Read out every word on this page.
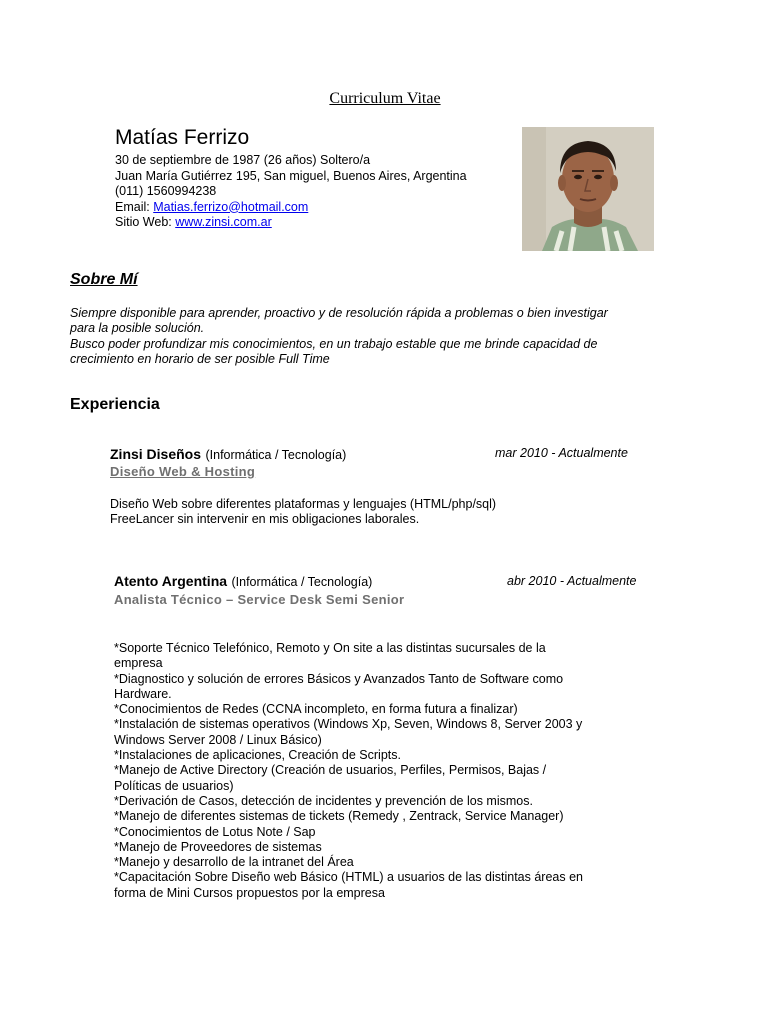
Curriculum Vitae
Matías Ferrizo
30 de septiembre de 1987 (26 años) Soltero/a
Juan María Gutiérrez 195, San miguel, Buenos Aires, Argentina
(011) 1560994238
Email: Matias.ferrizo@hotmail.com
Sitio Web: www.zinsi.com.ar
Sobre Mí
Siempre disponible para aprender, proactivo y de resolución rápida a problemas o bien investigar
para la posible solución.
Busco poder profundizar mis conocimientos, en un trabajo estable que me brinde capacidad de
crecimiento en horario de ser posible Full Time
Experiencia
Zinsi Diseños (Informática / Tecnología)	mar 2010 - Actualmente
Diseño Web & Hosting
Diseño Web sobre diferentes plataformas y lenguajes (HTML/php/sql)
FreeLancer sin intervenir en mis obligaciones laborales.
Atento Argentina (Informática / Tecnología)	abr 2010 - Actualmente
Analista Técnico – Service Desk Semi Senior
*Soporte Técnico Telefónico, Remoto y On site a las distintas sucursales de la
empresa
*Diagnostico y solución de errores Básicos y Avanzados Tanto de Software como
Hardware.
*Conocimientos de Redes (CCNA incompleto, en forma futura a finalizar)
*Instalación de sistemas operativos (Windows Xp, Seven, Windows 8, Server 2003 y
Windows Server 2008 / Linux Básico)
*Instalaciones de aplicaciones, Creación de Scripts.
*Manejo de Active Directory (Creación de usuarios, Perfiles, Permisos, Bajas /
Políticas de usuarios)
*Derivación de Casos, detección de incidentes y prevención de los mismos.
*Manejo de diferentes sistemas de tickets (Remedy , Zentrack, Service Manager)
*Conocimientos de Lotus Note / Sap
*Manejo de Proveedores de sistemas
*Manejo y desarrollo de la intranet del Área
*Capacitación Sobre Diseño web Básico (HTML) a usuarios de las distintas áreas en
forma de Mini Cursos propuestos por la empresa
